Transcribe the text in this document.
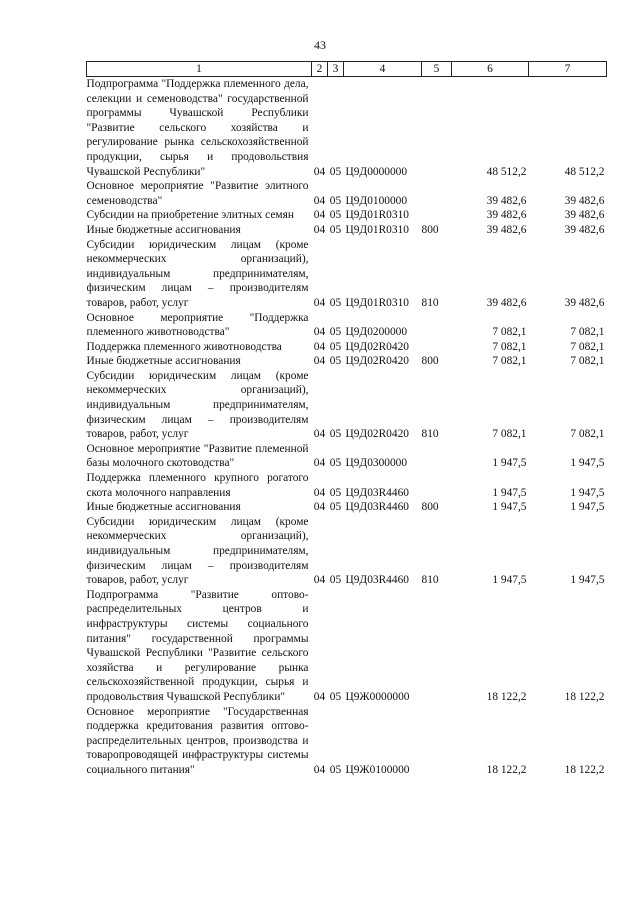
43
1	2	3	4	5	6	7
Подпрограмма "Поддержка племенного дела, селекции и семеноводства" государственной программы Чувашской Республики "Развитие сельского хозяйства и регулирование рынка сельскохозяйственной продукции, сырья и продовольствия Чувашской Республики"	04	05	Ц9Д0000000		48 512,2	48 512,2
Основное мероприятие "Развитие элитного семеноводства"	04	05	Ц9Д0100000		39 482,6	39 482,6
Субсидии на приобретение элитных семян	04	05	Ц9Д01R0310		39 482,6	39 482,6
Иные бюджетные ассигнования	04	05	Ц9Д01R0310	800	39 482,6	39 482,6
Субсидии юридическим лицам (кроме некоммерческих организаций), индивидуальным предпринимателям, физическим лицам – производителям товаров, работ, услуг	04	05	Ц9Д01R0310	810	39 482,6	39 482,6
Основное мероприятие "Поддержка племенного животноводства"	04	05	Ц9Д0200000		7 082,1	7 082,1
Поддержка племенного животноводства	04	05	Ц9Д02R0420		7 082,1	7 082,1
Иные бюджетные ассигнования	04	05	Ц9Д02R0420	800	7 082,1	7 082,1
Субсидии юридическим лицам (кроме некоммерческих организаций), индивидуальным предпринимателям, физическим лицам – производителям товаров, работ, услуг	04	05	Ц9Д02R0420	810	7 082,1	7 082,1
Основное мероприятие "Развитие племенной базы молочного скотоводства"	04	05	Ц9Д0300000		1 947,5	1 947,5
Поддержка племенного крупного рогатого скота молочного направления	04	05	Ц9Д03R4460		1 947,5	1 947,5
Иные бюджетные ассигнования	04	05	Ц9Д03R4460	800	1 947,5	1 947,5
Субсидии юридическим лицам (кроме некоммерческих организаций), индивидуальным предпринимателям, физическим лицам – производителям товаров, работ, услуг	04	05	Ц9Д03R4460	810	1 947,5	1 947,5
Подпрограмма "Развитие оптово-распределительных центров и инфраструктуры системы социального питания" государственной программы Чувашской Республики "Развитие сельского хозяйства и регулирование рынка сельскохозяйственной продукции, сырья и продовольствия Чувашской Республики"	04	05	Ц9Ж0000000		18 122,2	18 122,2
Основное мероприятие "Государственная поддержка кредитования развития оптово-распределительных центров, производства и товаропроводящей инфраструктуры системы социального питания"	04	05	Ц9Ж0100000		18 122,2	18 122,2
